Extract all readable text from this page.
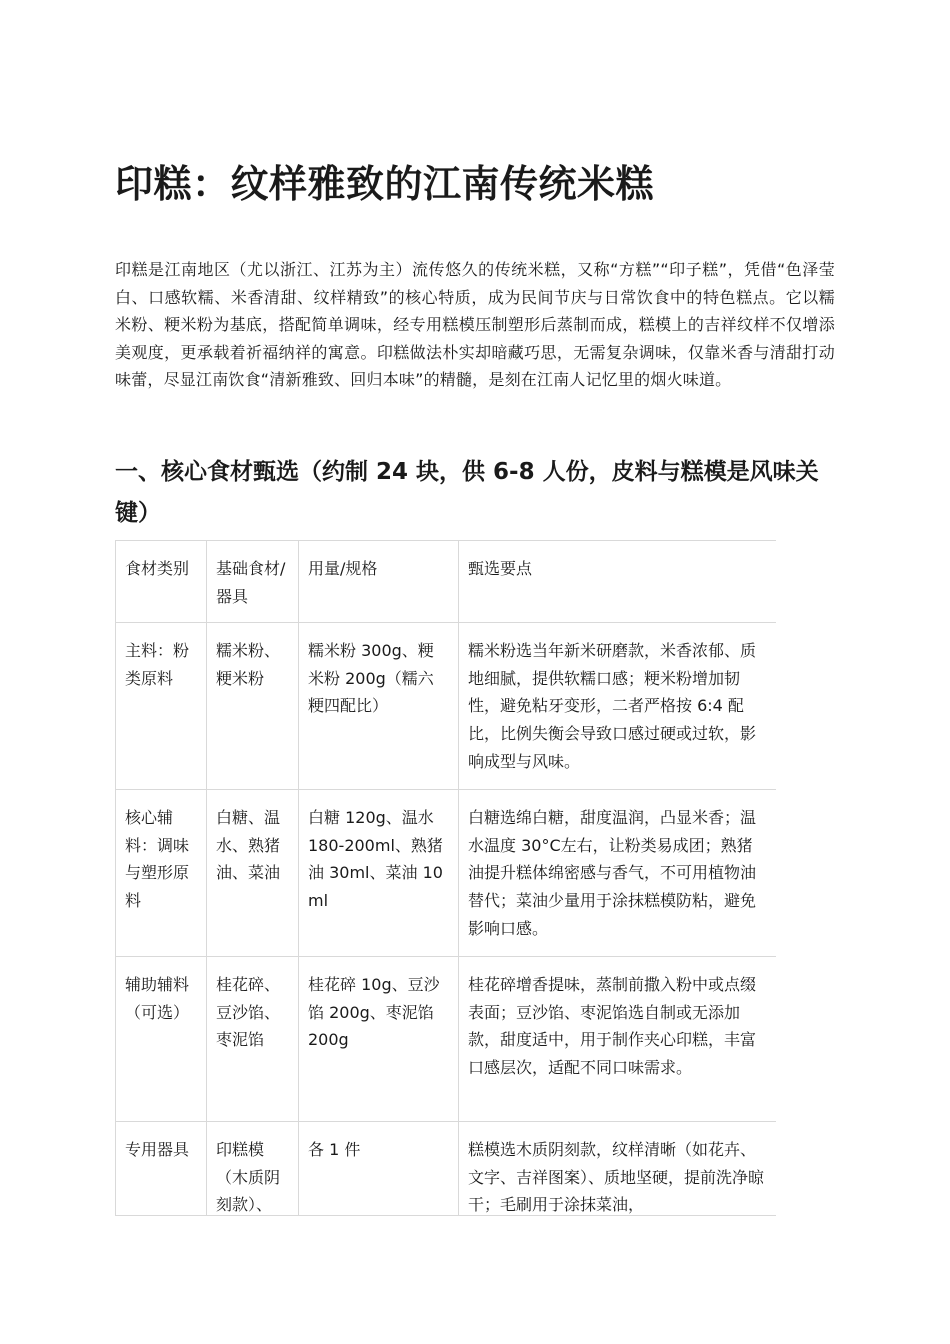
印糕：纹样雅致的江南传统米糕

印糕是江南地区（尤以浙江、江苏为主）流传悠久的传统米糕，又称“方糕”“印子糕”，凭借“色泽莹白、口感软糯、米香清甜、纹样精致”的核心特质，成为民间节庆与日常饮食中的特色糕点。它以糯米粉、粳米粉为基底，搭配简单调味，经专用糕模压制塑形后蒸制而成，糕模上的吉祥纹样不仅增添美观度，更承载着祈福纳祥的寓意。印糕做法朴实却暗藏巧思，无需复杂调味，仅靠米香与清甜打动味蕾，尽显江南饮食“清新雅致、回归本味”的精髓，是刻在江南人记忆里的烟火味道。

一、核心食材甄选（约制 24 块，供 6-8 人份，皮料与糕模是风味关键）
食材类别	基础食材/器具	用量/规格	甄选要点
主料：粉类原料	糯米粉、粳米粉	糯米粉 300g、粳米粉 200g（糯六粳四配比）	糯米粉选当年新米研磨款，米香浓郁、质地细腻，提供软糯口感；粳米粉增加韧性，避免粘牙变形，二者严格按 6:4 配比，比例失衡会导致口感过硬或过软，影响成型与风味。
核心辅料：调味与塑形原料	白糖、温水、熟猪油、菜油	白糖 120g、温水 180-200ml、熟猪油 30ml、菜油 10ml	白糖选绵白糖，甜度温润，凸显米香；温水温度 30°C左右，让粉类易成团；熟猪油提升糕体绵密感与香气，不可用植物油替代；菜油少量用于涂抹糕模防粘，避免影响口感。
辅助辅料（可选）	桂花碎、豆沙馅、枣泥馅	桂花碎 10g、豆沙馅 200g、枣泥馅 200g	桂花碎增香提味，蒸制前撒入粉中或点缀表面；豆沙馅、枣泥馅选自制或无添加款，甜度适中，用于制作夹心印糕，丰富口感层次，适配不同口味需求。
专用器具	印糕模（木质阴刻款）、	各 1 件	糕模选木质阴刻款，纹样清晰（如花卉、文字、吉祥图案）、质地坚硬，提前洗净晾干；毛刷用于涂抹菜油，
